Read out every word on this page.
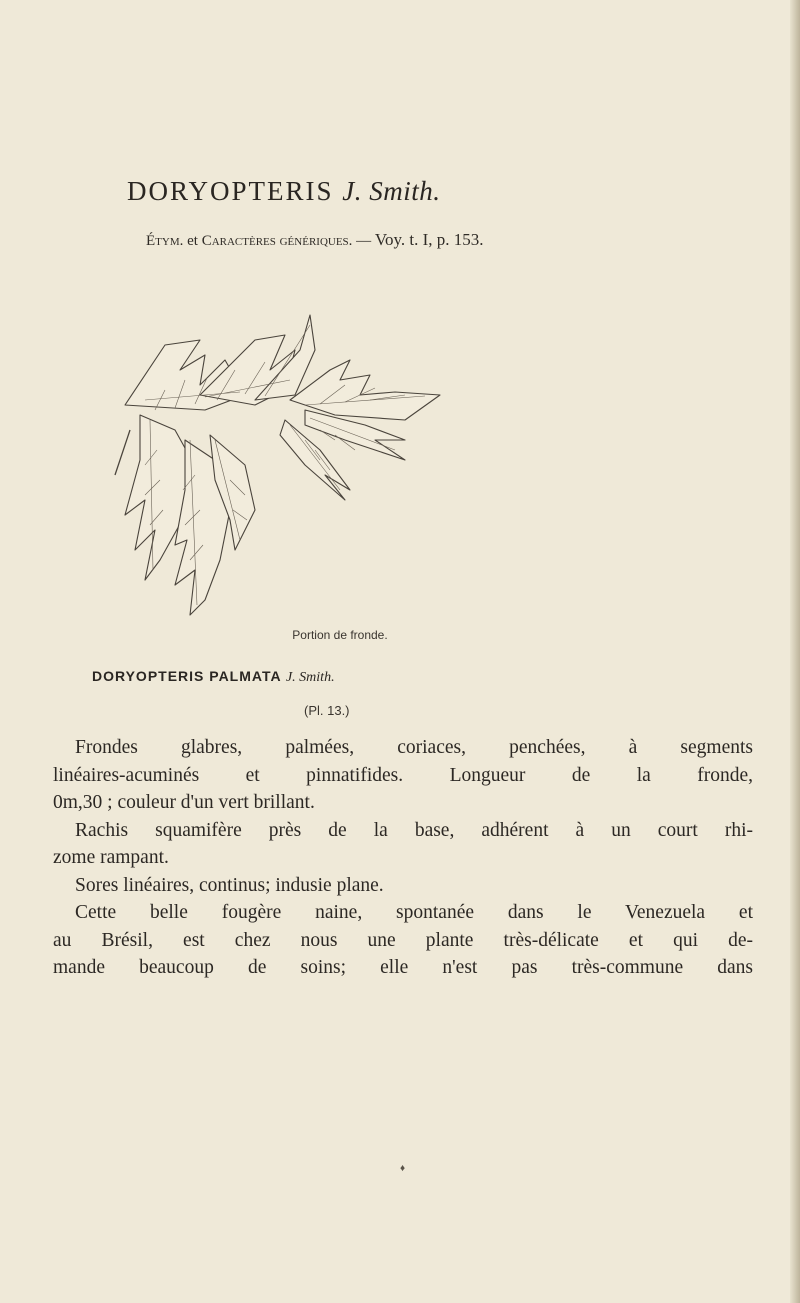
DORYOPTERIS J. Smith.
Étym. et Caractères génériques. — Voy. t. I, p. 153.
Portion de fronde.
DORYOPTERIS PALMATA J. Smith.
(Pl. 13.)
Frondes glabres, palmées, coriaces, penchées, à segments
linéaires-acuminés et pinnatifides. Longueur de la fronde,
0m,30 ; couleur d'un vert brillant.
Rachis squamifère près de la base, adhérent à un court rhi-
zome rampant.
Sores linéaires, continus; indusie plane.
Cette belle fougère naine, spontanée dans le Venezuela et
au Brésil, est chez nous une plante très-délicate et qui de-
mande beaucoup de soins; elle n'est pas très-commune dans
♦
